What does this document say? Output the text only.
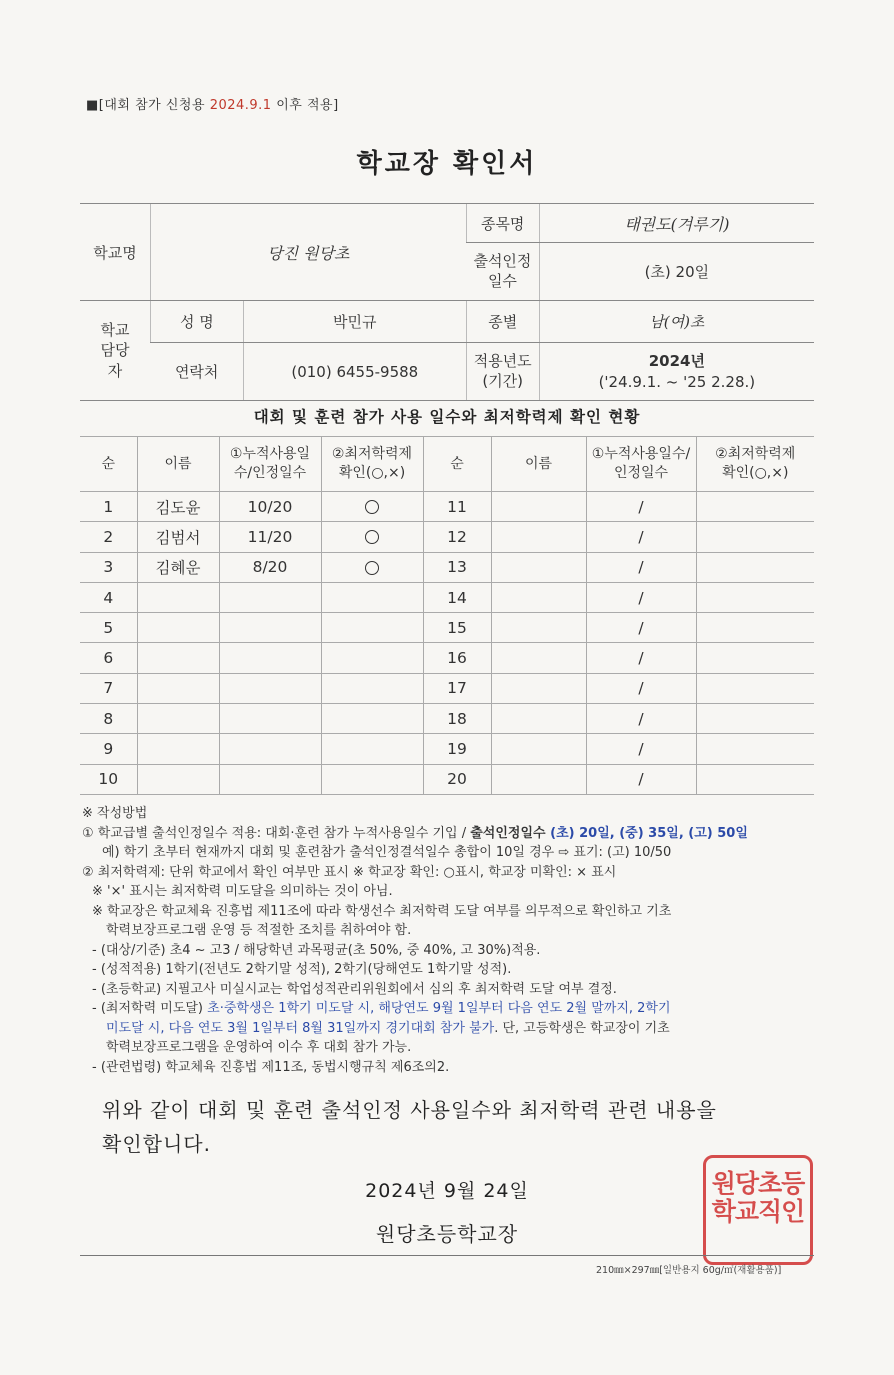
■[대회 참가 신청용 2024.9.1 이후 적용]
학교장 확인서
학교명	당진 원당초		종목명	태권도(겨루기)

			출석인정일수	(초) 20일

학교담당자	성 명	박민규	종별	남(여)초
	연락처	(010) 6455-9588	적용년도(기간)	2024년
('24.9.1. ~ '25 2.28.)
대회 및 훈련 참가 사용 일수와 최저학력제 확인 현황
순	이름	①누적사용일수/인정일수	②최저학력제확인(○,×)	순	이름	①누적사용일수/인정일수	②최저학력제확인(○,×)

1	김도윤	10/20		11		/	
2	김범서	11/20		12		/	
3	김혜운	8/20		13		/	
4				14		/	
5				15		/	
6				16		/	
7				17		/	
8				18		/	
9				19		/	
10				20		/	
※ 작성방법
① 학교급별 출석인정일수 적용: 대회·훈련 참가 누적사용일수 기입 / 출석인정일수 (초) 20일, (중) 35일, (고) 50일
예) 학기 초부터 현재까지 대회 및 훈련참가 출석인정결석일수 총합이 10일 경우 ⇨ 표기: (고) 10/50
② 최저학력제: 단위 학교에서 확인 여부만 표시 ※ 학교장 확인: ○표시, 학교장 미확인: × 표시
※ '×' 표시는 최저학력 미도달을 의미하는 것이 아님.
※ 학교장은 학교체육 진흥법 제11조에 따라 학생선수 최저학력 도달 여부를 의무적으로 확인하고 기초
학력보장프로그램 운영 등 적절한 조치를 취하여야 함.
- (대상/기준) 초4 ~ 고3 / 해당학년 과목평균(초 50%, 중 40%, 고 30%)적용.
- (성적적용) 1학기(전년도 2학기말 성적), 2학기(당해연도 1학기말 성적).
- (초등학교) 지필고사 미실시교는 학업성적관리위원회에서 심의 후 최저학력 도달 여부 결정.
- (최저학력 미도달) 초·중학생은 1학기 미도달 시, 해당연도 9월 1일부터 다음 연도 2월 말까지, 2학기
미도달 시, 다음 연도 3월 1일부터 8월 31일까지 경기대회 참가 불가. 단, 고등학생은 학교장이 기초
학력보장프로그램을 운영하여 이수 후 대회 참가 가능.
- (관련법령) 학교체육 진흥법 제11조, 동법시행규칙 제6조의2.
위와 같이 대회 및 훈련 출석인정 사용일수와 최저학력 관련 내용을
확인합니다.
2024년 9월 24일
원당초등학교장
원당초등
학교직인
210㎜×297㎜[일반용지 60g/㎡(재활용품)]
